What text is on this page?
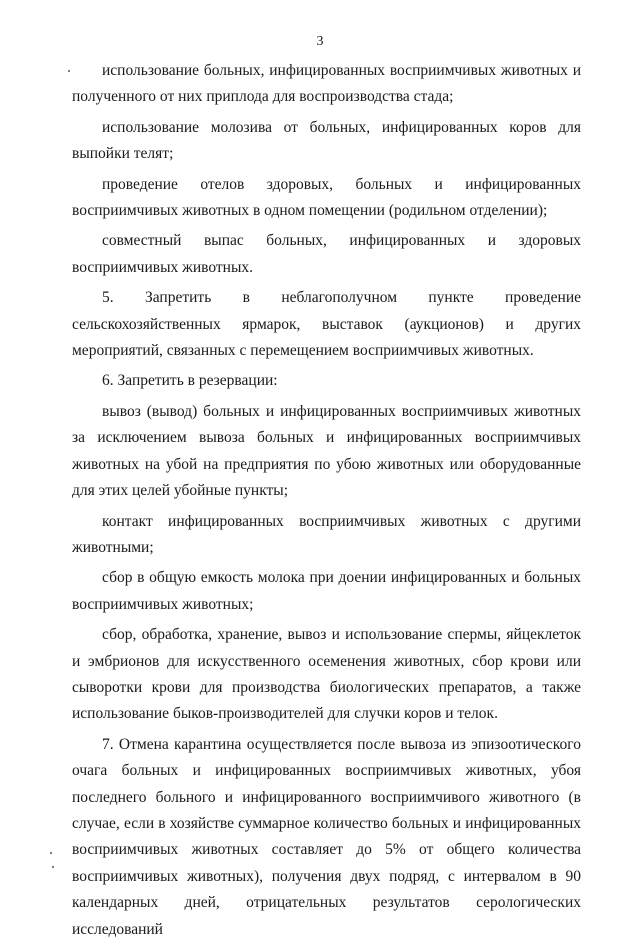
3

использование больных, инфицированных восприимчивых животных и полученного от них приплода для воспроизводства стада;

использование молозива от больных, инфицированных коров для выпойки телят;

проведение отелов здоровых, больных и инфицированных восприимчивых животных в одном помещении (родильном отделении);

совместный выпас больных, инфицированных и здоровых восприимчивых животных.

5. Запретить в неблагополучном пункте проведение сельскохозяйственных ярмарок, выставок (аукционов) и других мероприятий, связанных с перемещением восприимчивых животных.

6. Запретить в резервации:

вывоз (вывод) больных и инфицированных восприимчивых животных за исключением вывоза больных и инфицированных восприимчивых животных на убой на предприятия по убою животных или оборудованные для этих целей убойные пункты;

контакт инфицированных восприимчивых животных с другими животными;

сбор в общую емкость молока при доении инфицированных и больных восприимчивых животных;

сбор, обработка, хранение, вывоз и использование спермы, яйцеклеток и эмбрионов для искусственного осеменения животных, сбор крови или сыворотки крови для производства биологических препаратов, а также использование быков-производителей для случки коров и телок.

7. Отмена карантина осуществляется после вывоза из эпизоотического очага больных и инфицированных восприимчивых животных, убоя последнего больного и инфицированного восприимчивого животного (в случае, если в хозяйстве суммарное количество больных и инфицированных восприимчивых животных составляет до 5% от общего количества восприимчивых животных), получения двух подряд, с интервалом в 90 календарных дней, отрицательных результатов серологических исследований
